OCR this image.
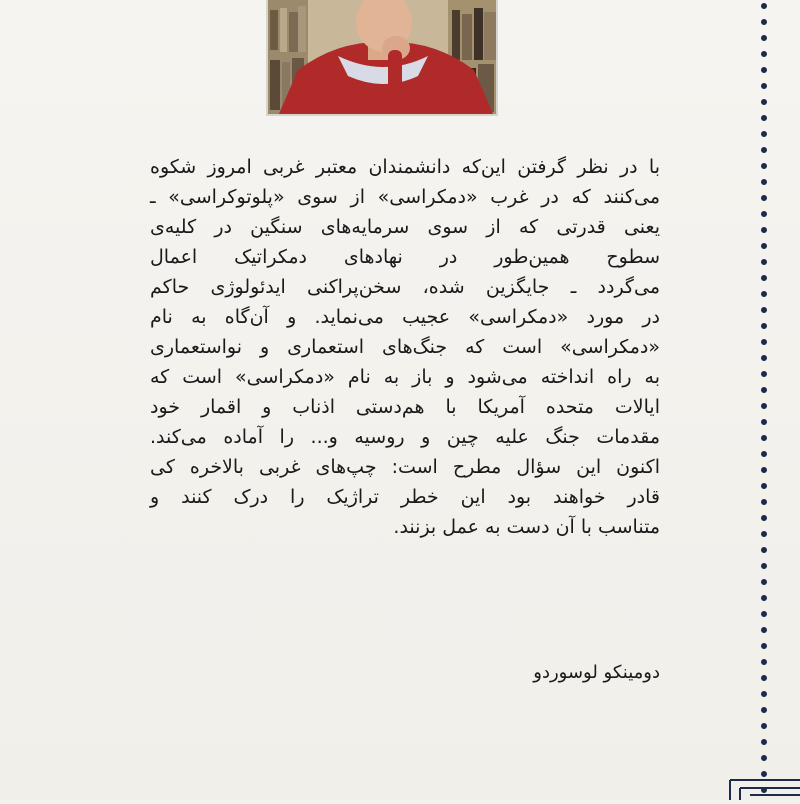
با در نظر گرفتن این‌که دانشمندان معتبر غربی امروز شکوه
می‌کنند که در غرب «دمکراسی» از سوی «پلوتوکراسی» ـ
یعنی قدرتی که از سوی سرمایه‌های سنگین در کلیه‌ی
سطوح همین‌طور در نهادهای دمکراتیک اعمال
می‌گردد ـ جایگزین شده، سخن‌پراکنی ایدئولوژی حاکم
در مورد «دمکراسی» عجیب می‌نماید. و آن‌گاه به نام
«دمکراسی» است که جنگ‌های استعماری و نواستعماری
به راه انداخته می‌شود و باز به نام «دمکراسی» است که
ایالات متحده آمریکا با هم‌دستی اذناب و اقمار خود
مقدمات جنگ علیه چین و روسیه و... را آماده می‌کند.
اکنون این سؤال مطرح است: چپ‌های غربی بالاخره کی
قادر خواهند بود این خطر تراژیک را درک کنند و
متناسب با آن دست به عمل بزنند.
دومینکو لوسوردو
